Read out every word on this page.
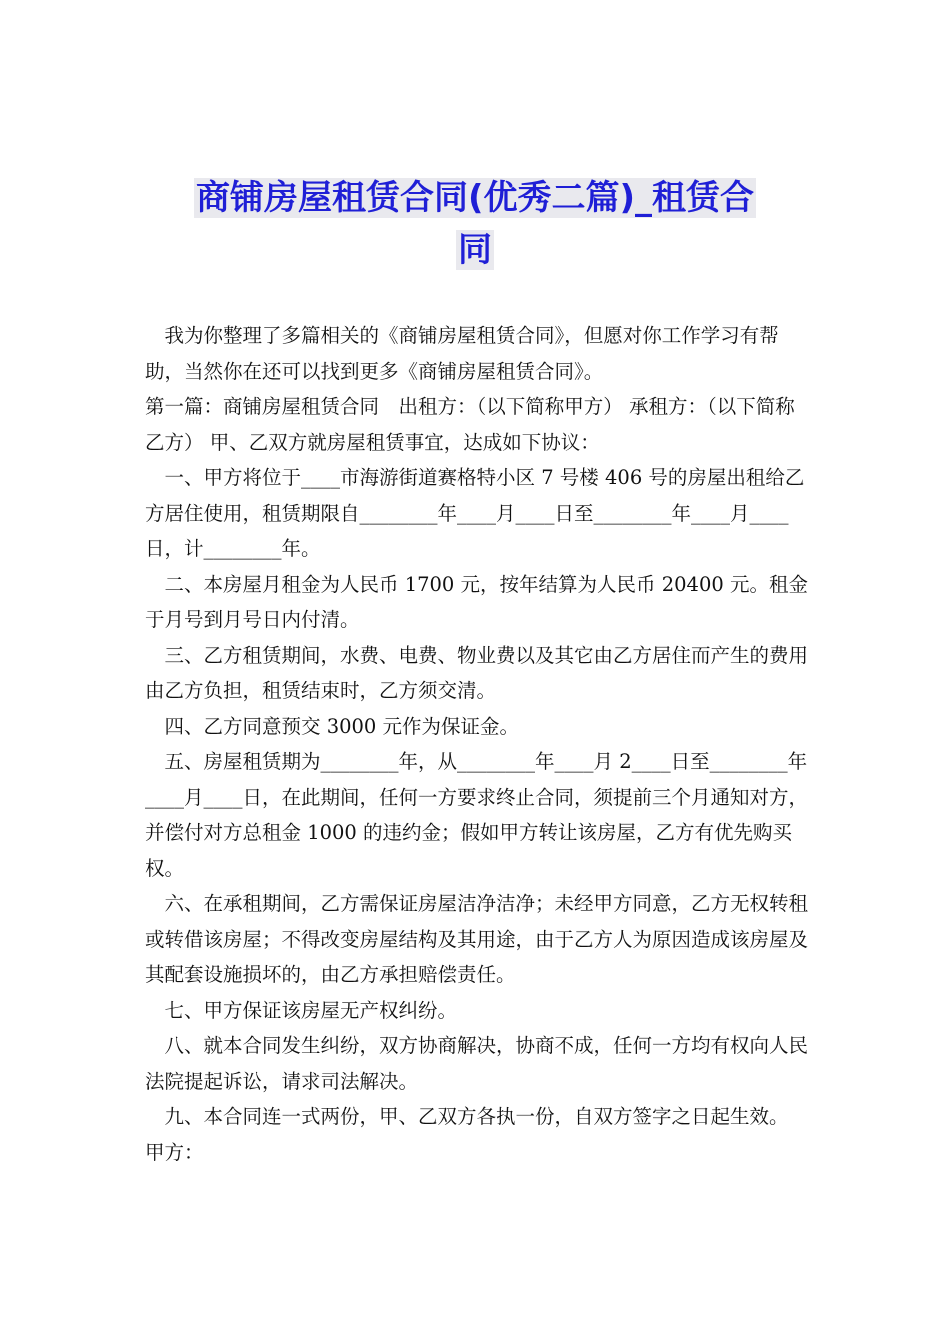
商铺房屋租赁合同(优秀二篇)_租赁合
同

我为你整理了多篇相关的《商铺房屋租赁合同》，但愿对你工作学习有帮助，当然你在还可以找到更多《商铺房屋租赁合同》。

第一篇：商铺房屋租赁合同　出租方：（以下简称甲方） 承租方：（以下简称乙方） 甲、乙双方就房屋租赁事宜，达成如下协议：

一、甲方将位于____市海游街道赛格特小区 7 号楼 406 号的房屋出租给乙方居住使用，租赁期限自________年____月____日至________年____月____日，计________年。

二、本房屋月租金为人民币 1700 元，按年结算为人民币 20400 元。租金于月号到月号日内付清。

三、乙方租赁期间，水费、电费、物业费以及其它由乙方居住而产生的费用由乙方负担，租赁结束时，乙方须交清。

四、乙方同意预交 3000 元作为保证金。

五、房屋租赁期为________年，从________年____月 2____日至________年____月____日，在此期间，任何一方要求终止合同，须提前三个月通知对方，并偿付对方总租金 1000 的违约金；假如甲方转让该房屋，乙方有优先购买权。

六、在承租期间，乙方需保证房屋洁净洁净；未经甲方同意，乙方无权转租或转借该房屋；不得改变房屋结构及其用途，由于乙方人为原因造成该房屋及其配套设施损坏的，由乙方承担赔偿责任。

七、甲方保证该房屋无产权纠纷。

八、就本合同发生纠纷，双方协商解决，协商不成，任何一方均有权向人民法院提起诉讼，请求司法解决。

九、本合同连一式两份，甲、乙双方各执一份，自双方签字之日起生效。 甲方：
